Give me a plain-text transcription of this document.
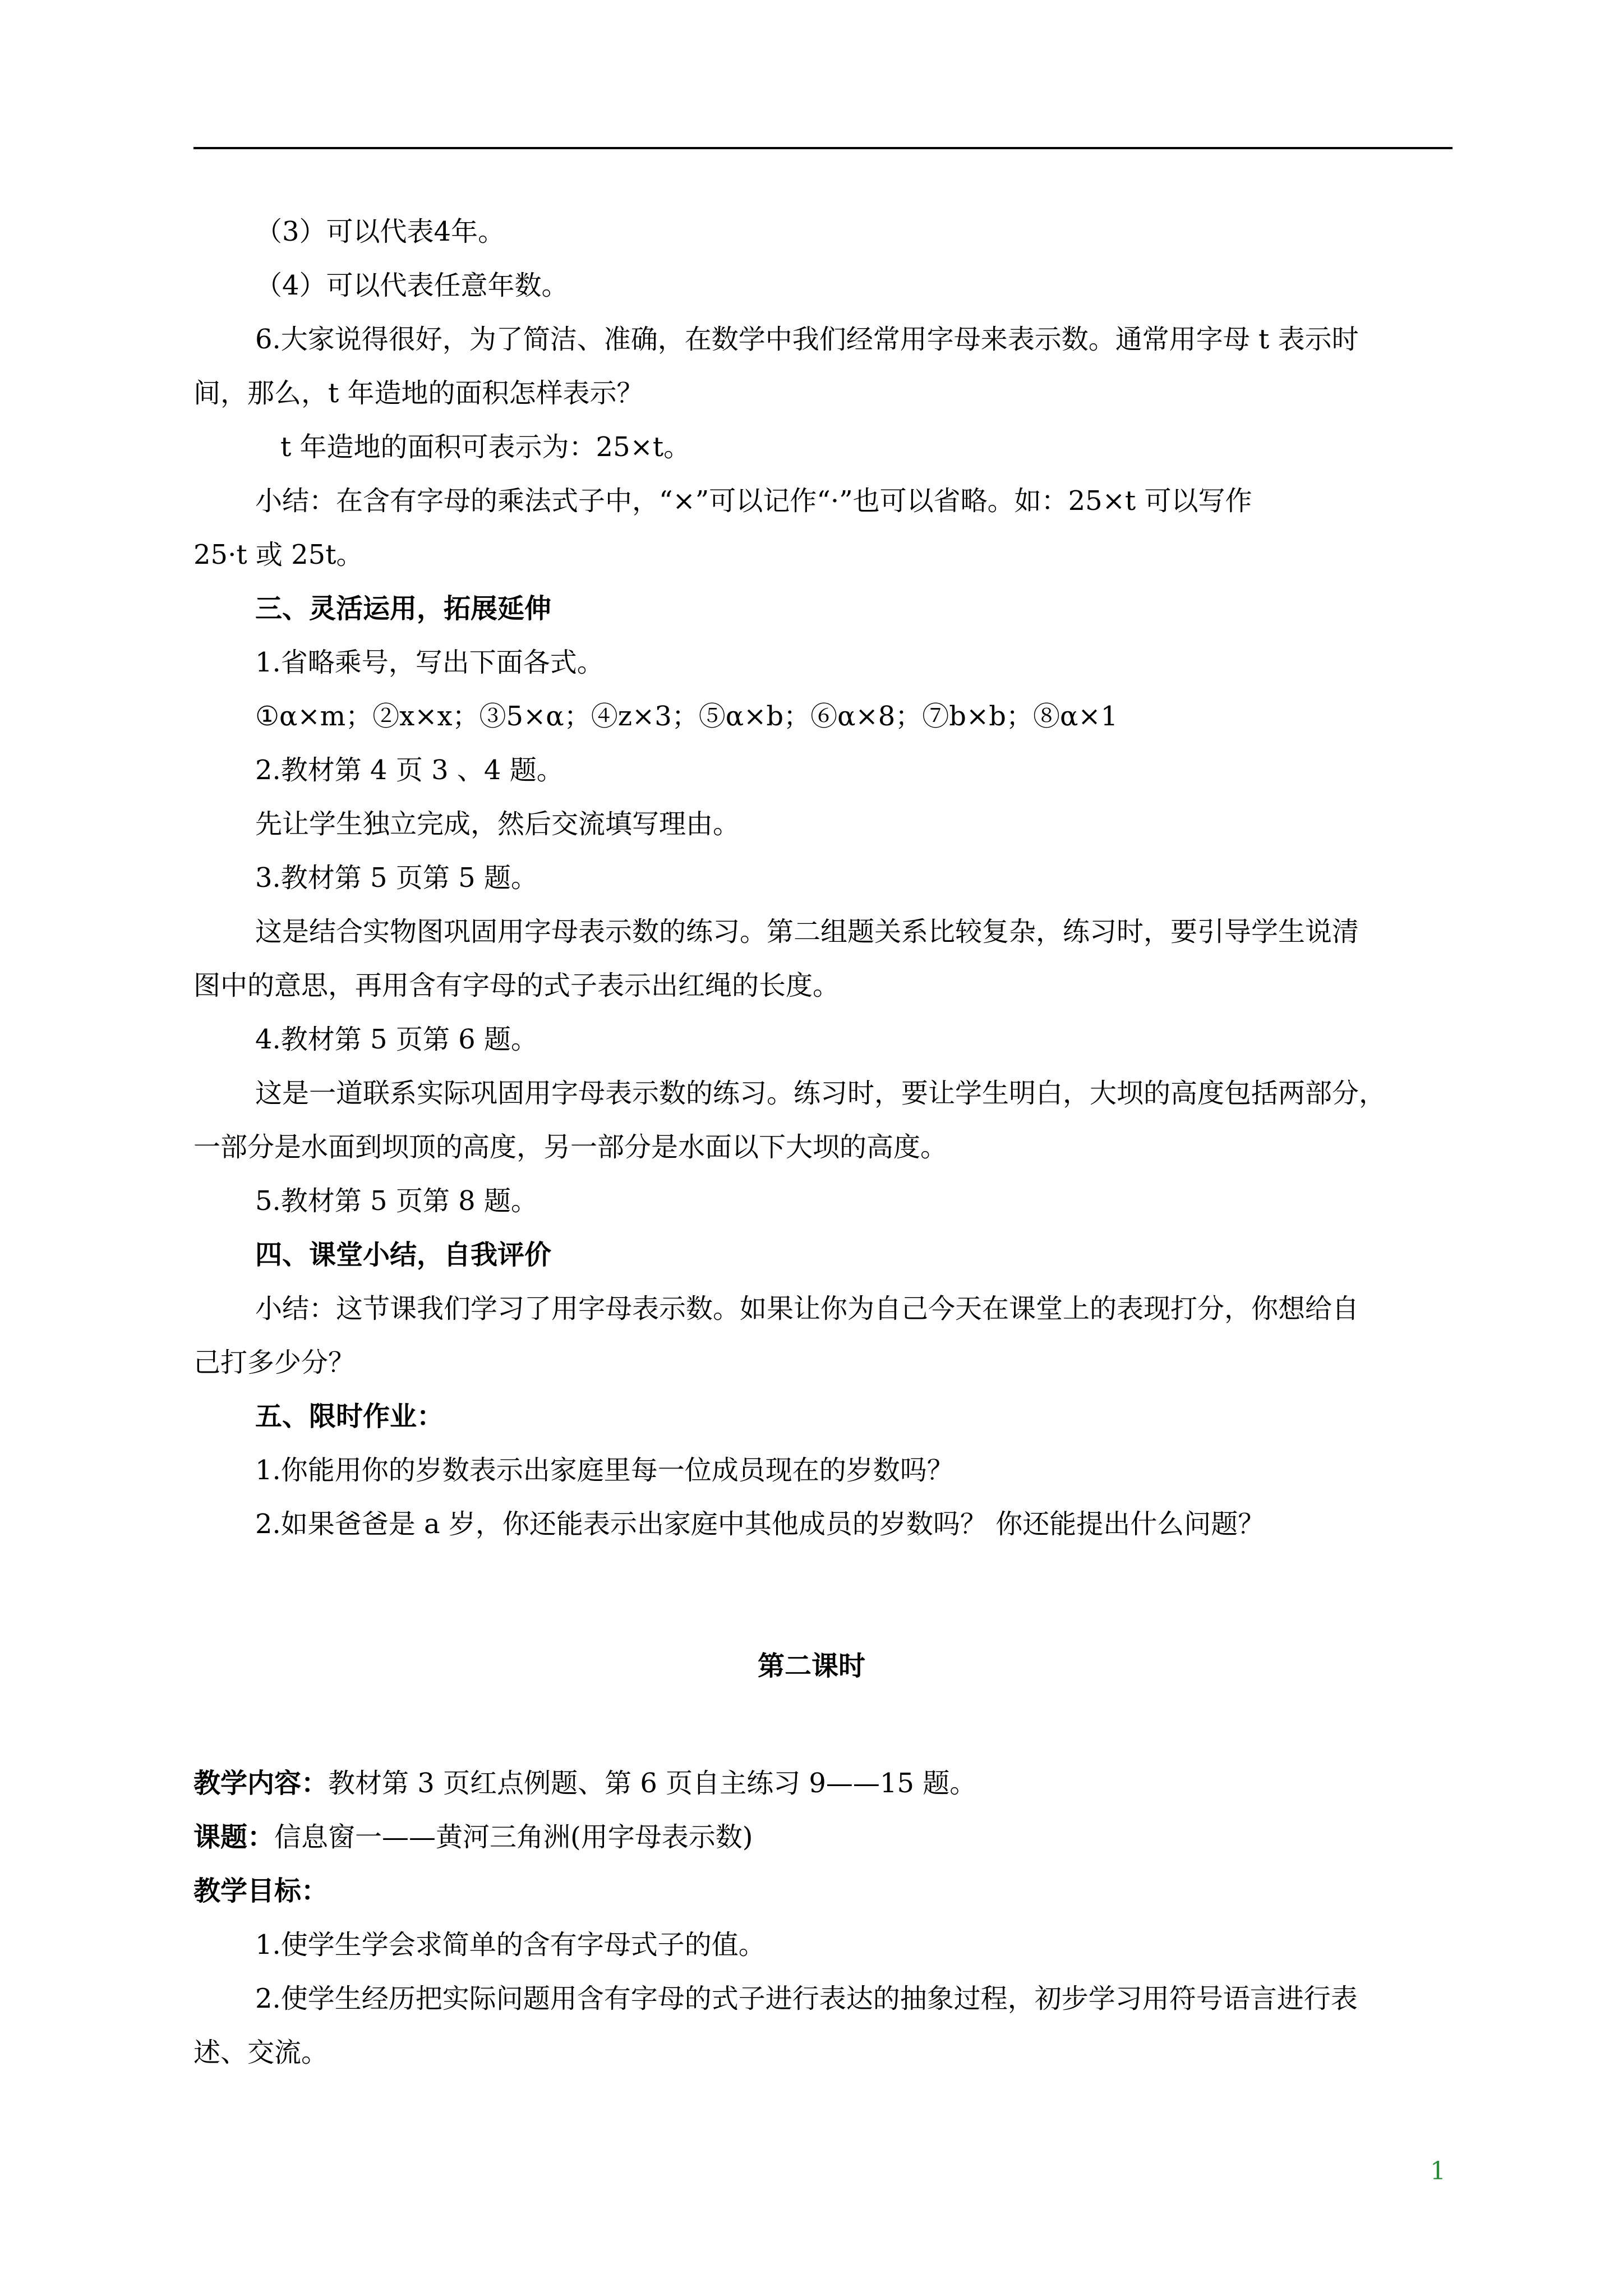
（3）可以代表4年。
（4）可以代表任意年数。
6.大家说得很好，为了简洁、准确，在数学中我们经常用字母来表示数。通常用字母 t 表示时
间，那么，t 年造地的面积怎样表示？
t 年造地的面积可表示为：25×t。
小结：在含有字母的乘法式子中，“×”可以记作“·”也可以省略。如：25×t 可以写作
25·t 或 25t。
三、灵活运用，拓展延伸
1.省略乘号，写出下面各式。
①α×m；②x×x；③5×α；④z×3；⑤α×b；⑥α×8；⑦b×b；⑧α×1
2.教材第 4 页 3 、4 题。
先让学生独立完成，然后交流填写理由。
3.教材第 5 页第 5 题。
这是结合实物图巩固用字母表示数的练习。第二组题关系比较复杂，练习时，要引导学生说清
图中的意思，再用含有字母的式子表示出红绳的长度。
4.教材第 5 页第 6 题。
这是一道联系实际巩固用字母表示数的练习。练习时，要让学生明白，大坝的高度包括两部分，
一部分是水面到坝顶的高度，另一部分是水面以下大坝的高度。
5.教材第 5 页第 8 题。
四、课堂小结，自我评价
小结：这节课我们学习了用字母表示数。如果让你为自己今天在课堂上的表现打分，你想给自
己打多少分？
五、限时作业：
1.你能用你的岁数表示出家庭里每一位成员现在的岁数吗？
2.如果爸爸是 a 岁，你还能表示出家庭中其他成员的岁数吗？ 你还能提出什么问题？
第二课时
教学内容：教材第 3 页红点例题、第 6 页自主练习 9——15 题。
课题：信息窗一——黄河三角洲(用字母表示数)
教学目标：
1.使学生学会求简单的含有字母式子的值。
2.使学生经历把实际问题用含有字母的式子进行表达的抽象过程，初步学习用符号语言进行表
述、交流。
1
